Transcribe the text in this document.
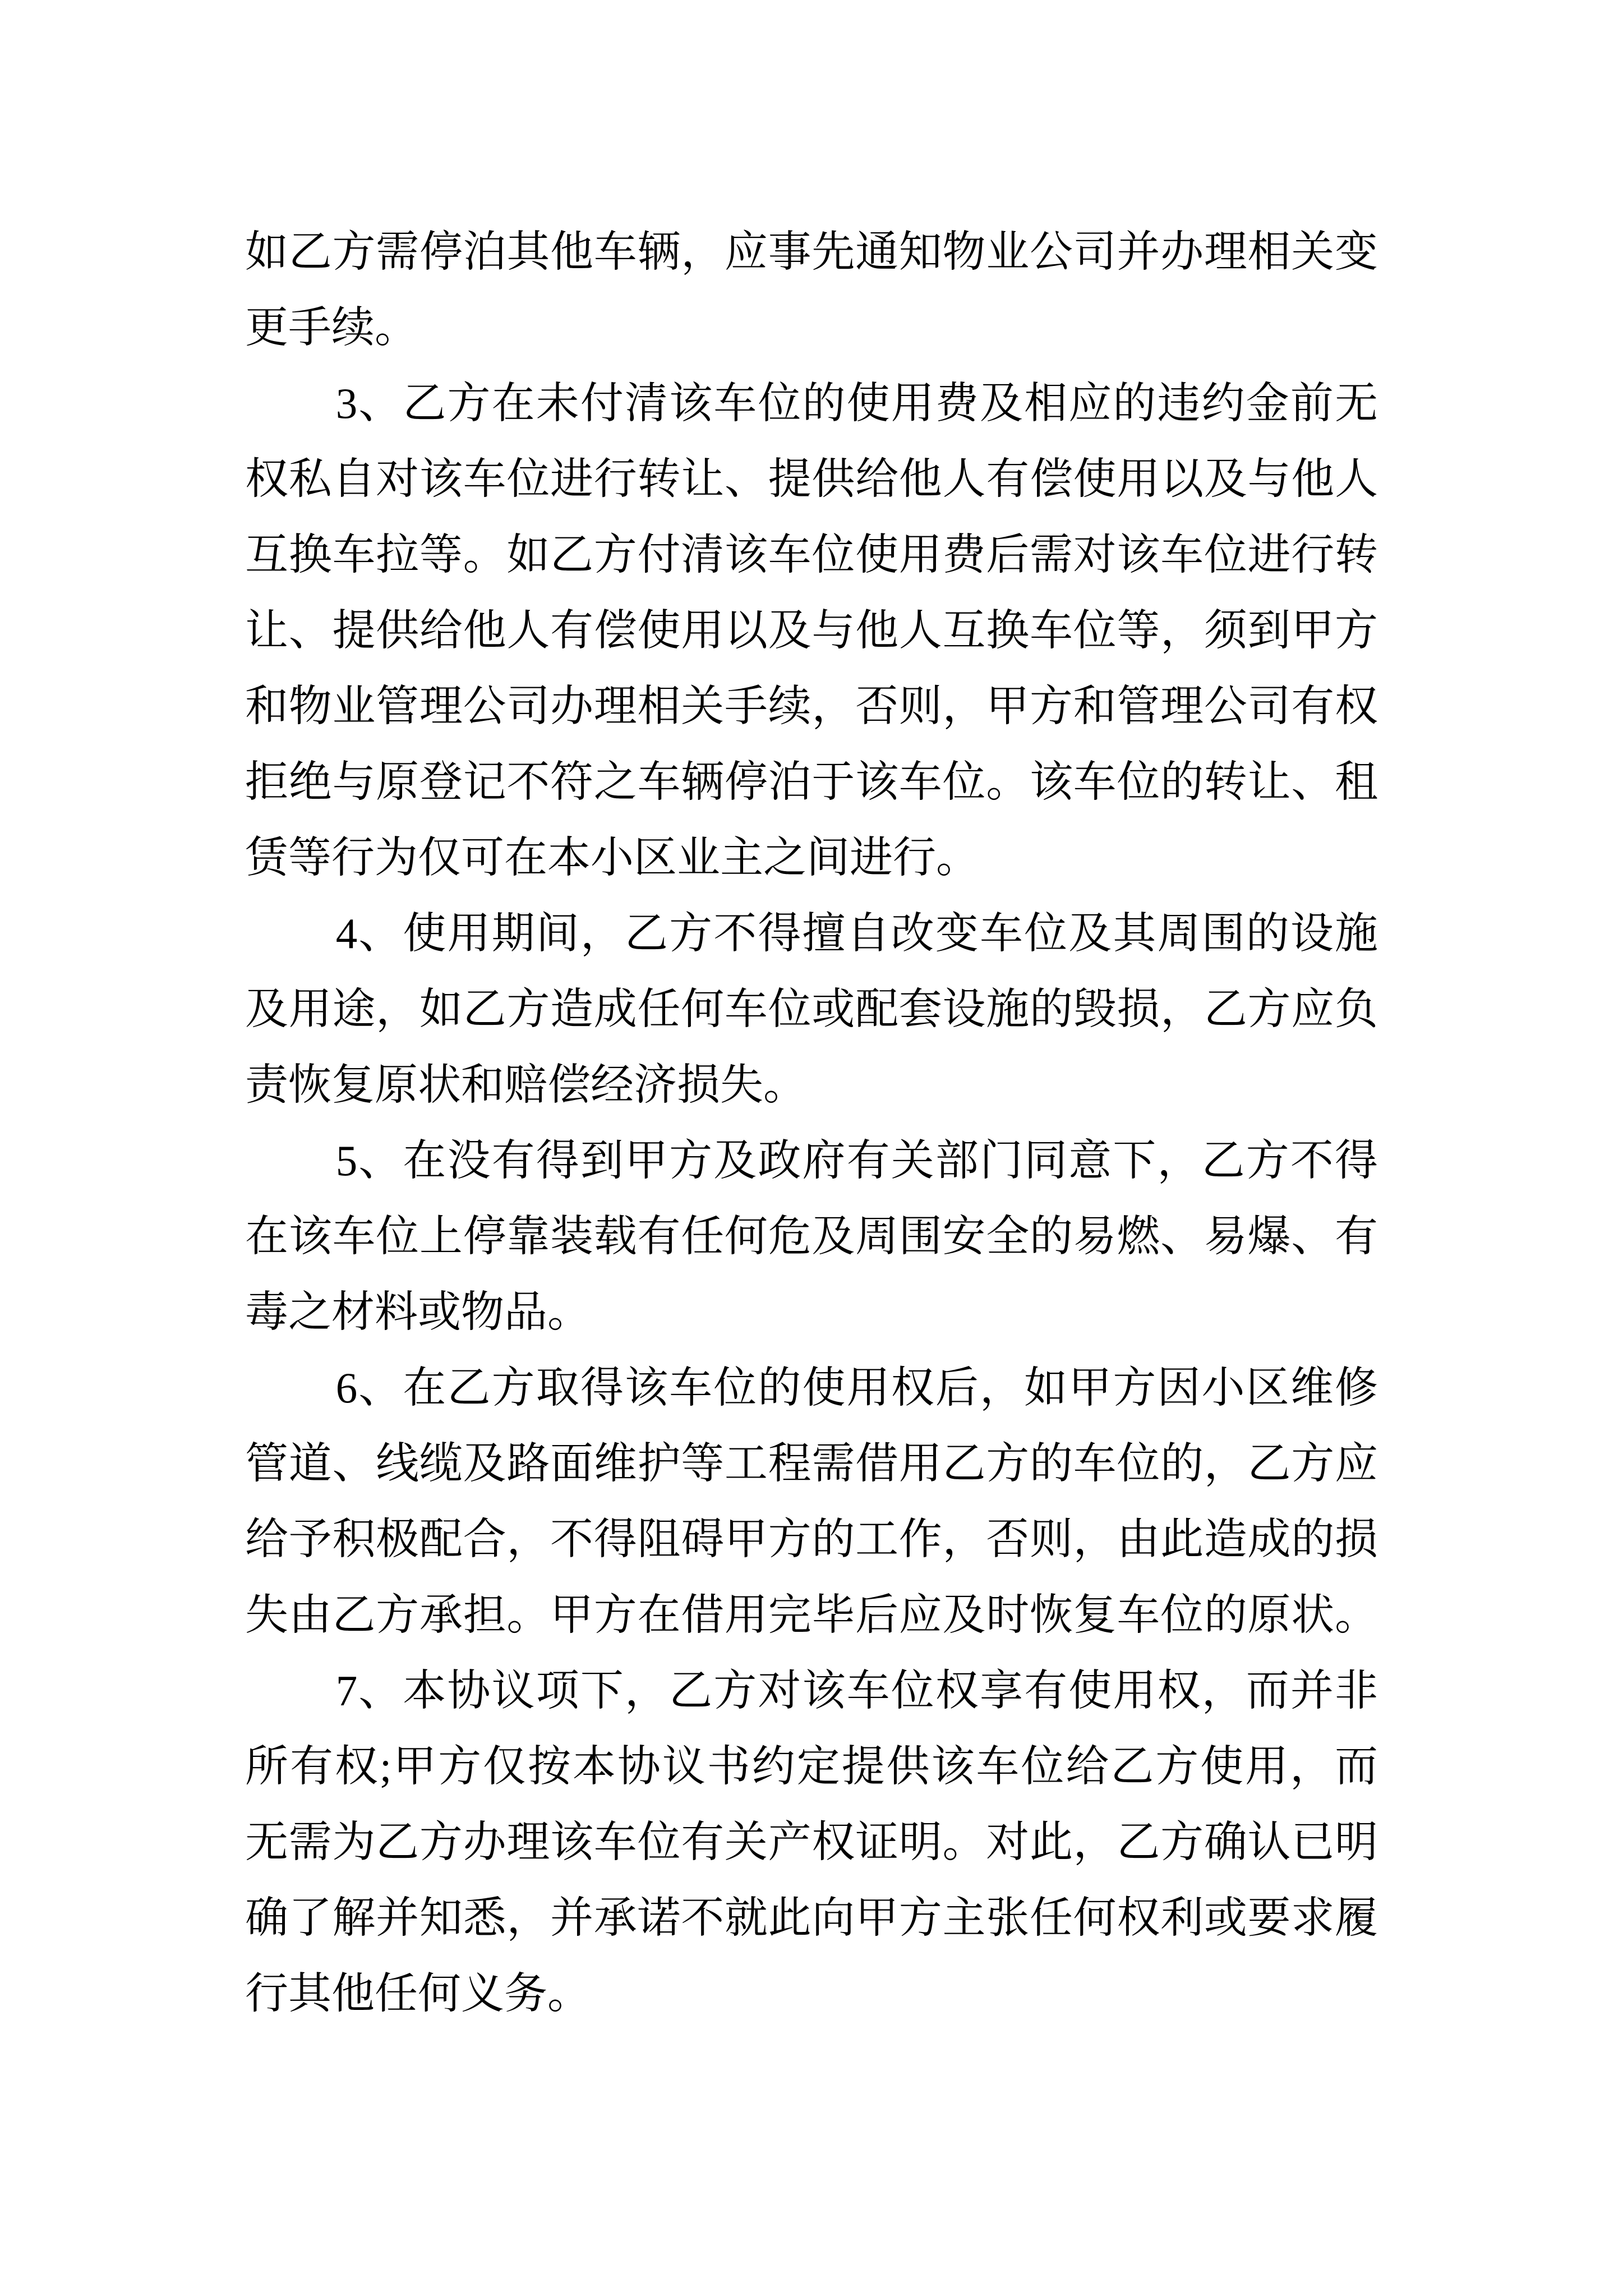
如乙方需停泊其他车辆，应事先通知物业公司并办理相关变
更手续。
3、乙方在未付清该车位的使用费及相应的违约金前无
权私自对该车位进行转让、提供给他人有偿使用以及与他人
互换车拉等。如乙方付清该车位使用费后需对该车位进行转
让、提供给他人有偿使用以及与他人互换车位等，须到甲方
和物业管理公司办理相关手续，否则，甲方和管理公司有权
拒绝与原登记不符之车辆停泊于该车位。该车位的转让、租
赁等行为仅可在本小区业主之间进行。
4、使用期间，乙方不得擅自改变车位及其周围的设施
及用途，如乙方造成任何车位或配套设施的毁损，乙方应负
责恢复原状和赔偿经济损失。
5、在没有得到甲方及政府有关部门同意下，乙方不得
在该车位上停靠装载有任何危及周围安全的易燃、易爆、有
毒之材料或物品。
6、在乙方取得该车位的使用权后，如甲方因小区维修
管道、线缆及路面维护等工程需借用乙方的车位的，乙方应
给予积极配合，不得阻碍甲方的工作，否则，由此造成的损
失由乙方承担。甲方在借用完毕后应及时恢复车位的原状。
7、本协议项下，乙方对该车位权享有使用权，而并非
所有权;甲方仅按本协议书约定提供该车位给乙方使用，而
无需为乙方办理该车位有关产权证明。对此，乙方确认已明
确了解并知悉，并承诺不就此向甲方主张任何权利或要求履
行其他任何义务。
